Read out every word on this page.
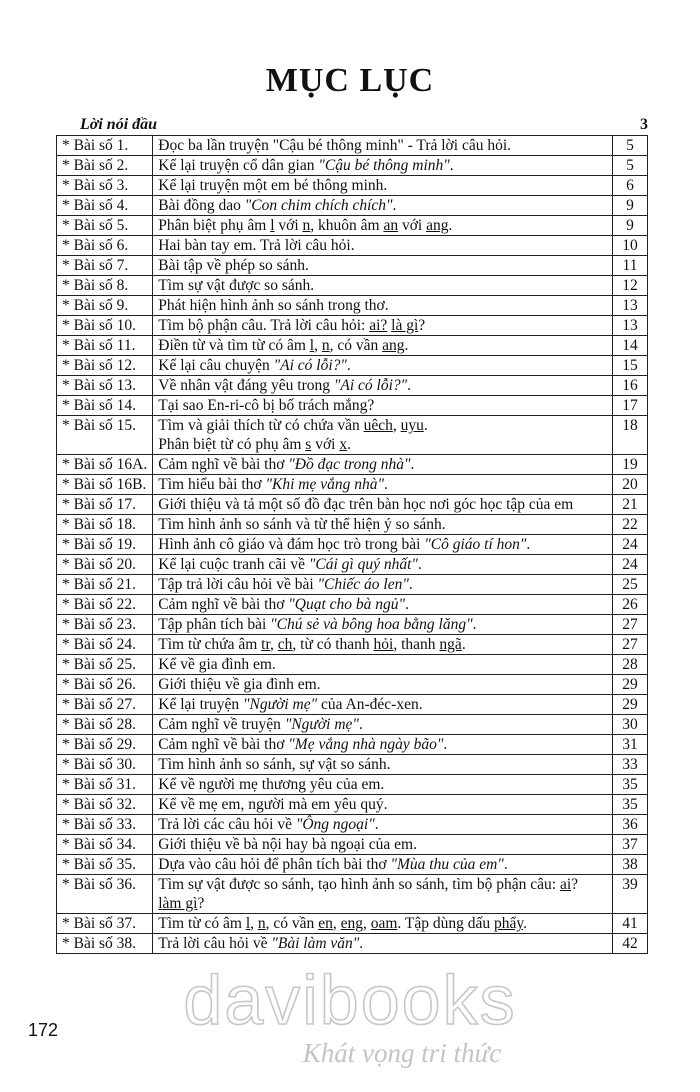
MỤC LỤC
Lời nói đầu	3
* Bài số 1.	Đọc ba lần truyện "Cậu bé thông minh" - Trả lời câu hỏi.	5
* Bài số 2.	Kể lại truyện cổ dân gian "Cậu bé thông minh".	5
* Bài số 3.	Kể lại truyện một em bé thông minh.	6
* Bài số 4.	Bài đồng dao "Con chim chích chích".	9
* Bài số 5.	Phân biệt phụ âm l với n, khuôn âm an với ang.	9
* Bài số 6.	Hai bàn tay em. Trả lời câu hỏi.	10
* Bài số 7.	Bài tập về phép so sánh.	11
* Bài số 8.	Tìm sự vật được so sánh.	12
* Bài số 9.	Phát hiện hình ảnh so sánh trong thơ.	13
* Bài số 10.	Tìm bộ phận câu. Trả lời câu hỏi: ai? là gì?	13
* Bài số 11.	Điền từ và tìm từ có âm l, n, có vần ang.	14
* Bài số 12.	Kể lại câu chuyện "Ai có lỗi?".	15
* Bài số 13.	Về nhân vật đáng yêu trong "Ai có lỗi?".	16
* Bài số 14.	Tại sao En-ri-cô bị bố trách mắng?	17
* Bài số 15.	Tìm và giải thích từ có chứa vần uêch, uyu.
Phân biệt từ có phụ âm s với x.	18
* Bài số 16A.	Cảm nghĩ về bài thơ "Đồ đạc trong nhà".	19
* Bài số 16B.	Tìm hiểu bài thơ "Khi mẹ vắng nhà".	20
* Bài số 17.	Giới thiệu và tả một số đồ đạc trên bàn học nơi góc học tập của em	21
* Bài số 18.	Tìm hình ảnh so sánh và từ thể hiện ý so sánh.	22
* Bài số 19.	Hình ảnh cô giáo và đám học trò trong bài "Cô giáo tí hon".	24
* Bài số 20.	Kể lại cuộc tranh cãi về "Cái gì quý nhất".	24
* Bài số 21.	Tập trả lời câu hỏi về bài "Chiếc áo len".	25
* Bài số 22.	Cảm nghĩ về bài thơ "Quạt cho bà ngủ".	26
* Bài số 23.	Tập phân tích bài "Chú sẻ và bông hoa bằng lăng".	27
* Bài số 24.	Tìm từ chứa âm tr, ch, từ có thanh hỏi, thanh ngã.	27
* Bài số 25.	Kể về gia đình em.	28
* Bài số 26.	Giới thiệu về gia đình em.	29
* Bài số 27.	Kể lại truyện "Người mẹ" của An-đéc-xen.	29
* Bài số 28.	Cảm nghĩ về truyện "Người mẹ".	30
* Bài số 29.	Cảm nghĩ về bài thơ "Mẹ vắng nhà ngày bão".	31
* Bài số 30.	Tìm hình ảnh so sánh, sự vật so sánh.	33
* Bài số 31.	Kể về người mẹ thương yêu của em.	35
* Bài số 32.	Kể về mẹ em, người mà em yêu quý.	35
* Bài số 33.	Trả lời các câu hỏi về "Ông ngoại".	36
* Bài số 34.	Giới thiệu về bà nội hay bà ngoại của em.	37
* Bài số 35.	Dựa vào câu hỏi để phân tích bài thơ "Mùa thu của em".	38
* Bài số 36.	Tìm sự vật được so sánh, tạo hình ảnh so sánh, tìm bộ phận câu: ai?
làm gì?	39
* Bài số 37.	Tìm từ có âm l, n, có vần en, eng, oam. Tập dùng dấu phẩy.	41
* Bài số 38.	Trả lời câu hỏi về "Bài làm văn".	42
172	davibooks
Khát vọng tri thức
